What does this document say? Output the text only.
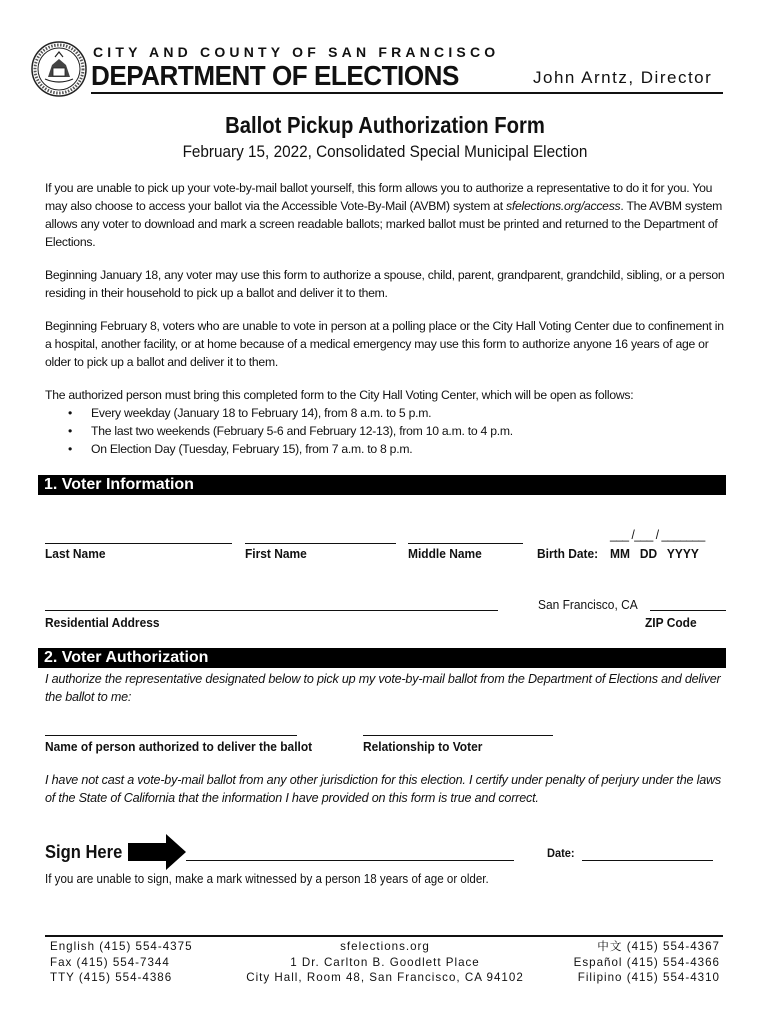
CITY AND COUNTY OF SAN FRANCISCO
DEPARTMENT OF ELECTIONS	John Arntz, Director
Ballot Pickup Authorization Form
February 15, 2022, Consolidated Special Municipal Election

If you are unable to pick up your vote-by-mail ballot yourself, this form allows you to authorize a representative to do it for you. You may also choose to access your ballot via the Accessible Vote-By-Mail (AVBM) system at sfelections.org/access. The AVBM system allows any voter to download and mark a screen readable ballots; marked ballot must be printed and returned to the Department of Elections.

Beginning January 18, any voter may use this form to authorize a spouse, child, parent, grandparent, grandchild, sibling, or a person residing in their household to pick up a ballot and deliver it to them.

Beginning February 8, voters who are unable to vote in person at a polling place or the City Hall Voting Center due to confinement in a hospital, another facility, or at home because of a medical emergency may use this form to authorize anyone 16 years of age or older to pick up a ballot and deliver it to them.

The authorized person must bring this completed form to the City Hall Voting Center, which will be open as follows:

• Every weekday (January 18 to February 14), from 8 a.m. to 5 p.m.
• The last two weekends (February 5-6 and February 12-13), from 10 a.m. to 4 p.m.
• On Election Day (Tuesday, February 15), from 7 a.m. to 8 p.m.
1. Voter Information
___ /___ / _______
Last Name	First Name	Middle Name	Birth Date: MM   DD   YYYY
San Francisco, CA
Residential Address	ZIP Code
2. Voter Authorization
I authorize the representative designated below to pick up my vote-by-mail ballot from the Department of Elections and deliver the ballot to me:
Name of person authorized to deliver the ballot	Relationship to Voter
I have not cast a vote-by-mail ballot from any other jurisdiction for this election. I certify under penalty of perjury under the laws of the State of California that the information I have provided on this form is true and correct.
Sign Here	Date:
If you are unable to sign, make a mark witnessed by a person 18 years of age or older.
English (415) 554-4375
Fax (415) 554-7344
TTY (415) 554-4386
sfelections.org
1 Dr. Carlton B. Goodlett Place
City Hall, Room 48, San Francisco, CA 94102
中文 (415) 554-4367
Español (415) 554-4366
Filipino (415) 554-4310
